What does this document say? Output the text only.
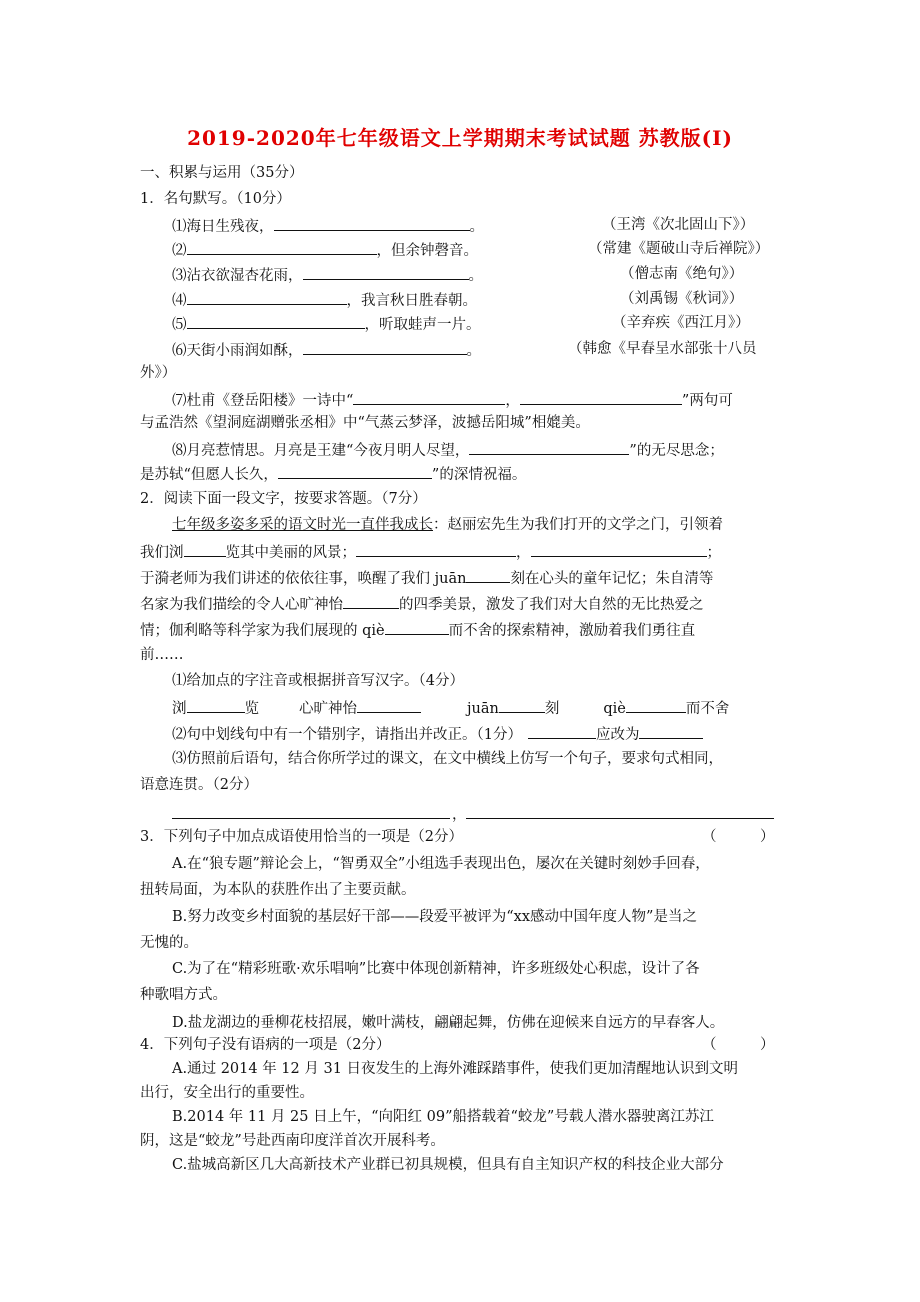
2019-2020年七年级语文上学期期末考试试题 苏教版(I)
一、积累与运用（35分）
1．名句默写。（10分）
⑴海日生残夜，	。	（王湾《次北固山下》）
⑵	，但余钟磬音。	（常建《题破山寺后禅院》）
⑶沾衣欲湿杏花雨，	。	（僧志南《绝句》）
⑷	，我言秋日胜春朝。	（刘禹锡《秋词》）
⑸	，听取蛙声一片。	（辛弃疾《西江月》）
⑹天街小雨润如酥，	。	（韩愈《早春呈水部张十八员
外》）
⑺杜甫《登岳阳楼》一诗中“	，	”两句可
与孟浩然《望洞庭湖赠张丞相》中“气蒸云梦泽，波撼岳阳城”相媲美。
⑻月亮惹情思。月亮是王建“今夜月明人尽望，	”的无尽思念；
是苏轼“但愿人长久，	”的深情祝福。
2．阅读下面一段文字，按要求答题。（7分）
七年级多姿多采的语文时光一直伴我成长：赵丽宏先生为我们打开的文学之门，引领着
我们浏	览其中美丽的风景；	，	；
于漪老师为我们讲述的依依往事，唤醒了我们 juān	刻在心头的童年记忆；朱自清等
名家为我们描绘的令人心旷神怡	的四季美景，激发了我们对大自然的无比热爱之
情；伽利略等科学家为我们展现的 qiè	而不舍的探索精神，激励着我们勇往直
前……
⑴给加点的字注音或根据拼音写汉字。（4分）
浏	览	心旷神怡	juān	刻	qiè	而不舍
⑵句中划线句中有一个错别字，请指出并改正。（1分）	应改为
⑶仿照前后语句，结合你所学过的课文，在文中横线上仿写一个句子，要求句式相同，
语意连贯。（2分）
，
3．下列句子中加点成语使用恰当的一项是（2分）	（　　　）
A.在“狼专题”辩论会上，“智勇双全”小组选手表现出色，屡次在关键时刻妙手回春，
扭转局面，为本队的获胜作出了主要贡献。
B.努力改变乡村面貌的基层好干部——段爱平被评为“xx感动中国年度人物”是当之
无愧的。
C.为了在“精彩班歌·欢乐唱响”比赛中体现创新精神，许多班级处心积虑，设计了各
种歌唱方式。
D.盐龙湖边的垂柳花枝招展，嫩叶满枝，翩翩起舞，仿佛在迎候来自远方的早春客人。
4．下列句子没有语病的一项是（2分）	（　　　）
A.通过 2014 年 12 月 31 日夜发生的上海外滩踩踏事件，使我们更加清醒地认识到文明
出行，安全出行的重要性。
B.2014 年 11 月 25 日上午，“向阳红 09”船搭载着“蛟龙”号载人潜水器驶离江苏江
阴，这是“蛟龙”号赴西南印度洋首次开展科考。
C.盐城高新区几大高新技术产业群已初具规模，但具有自主知识产权的科技企业大部分
